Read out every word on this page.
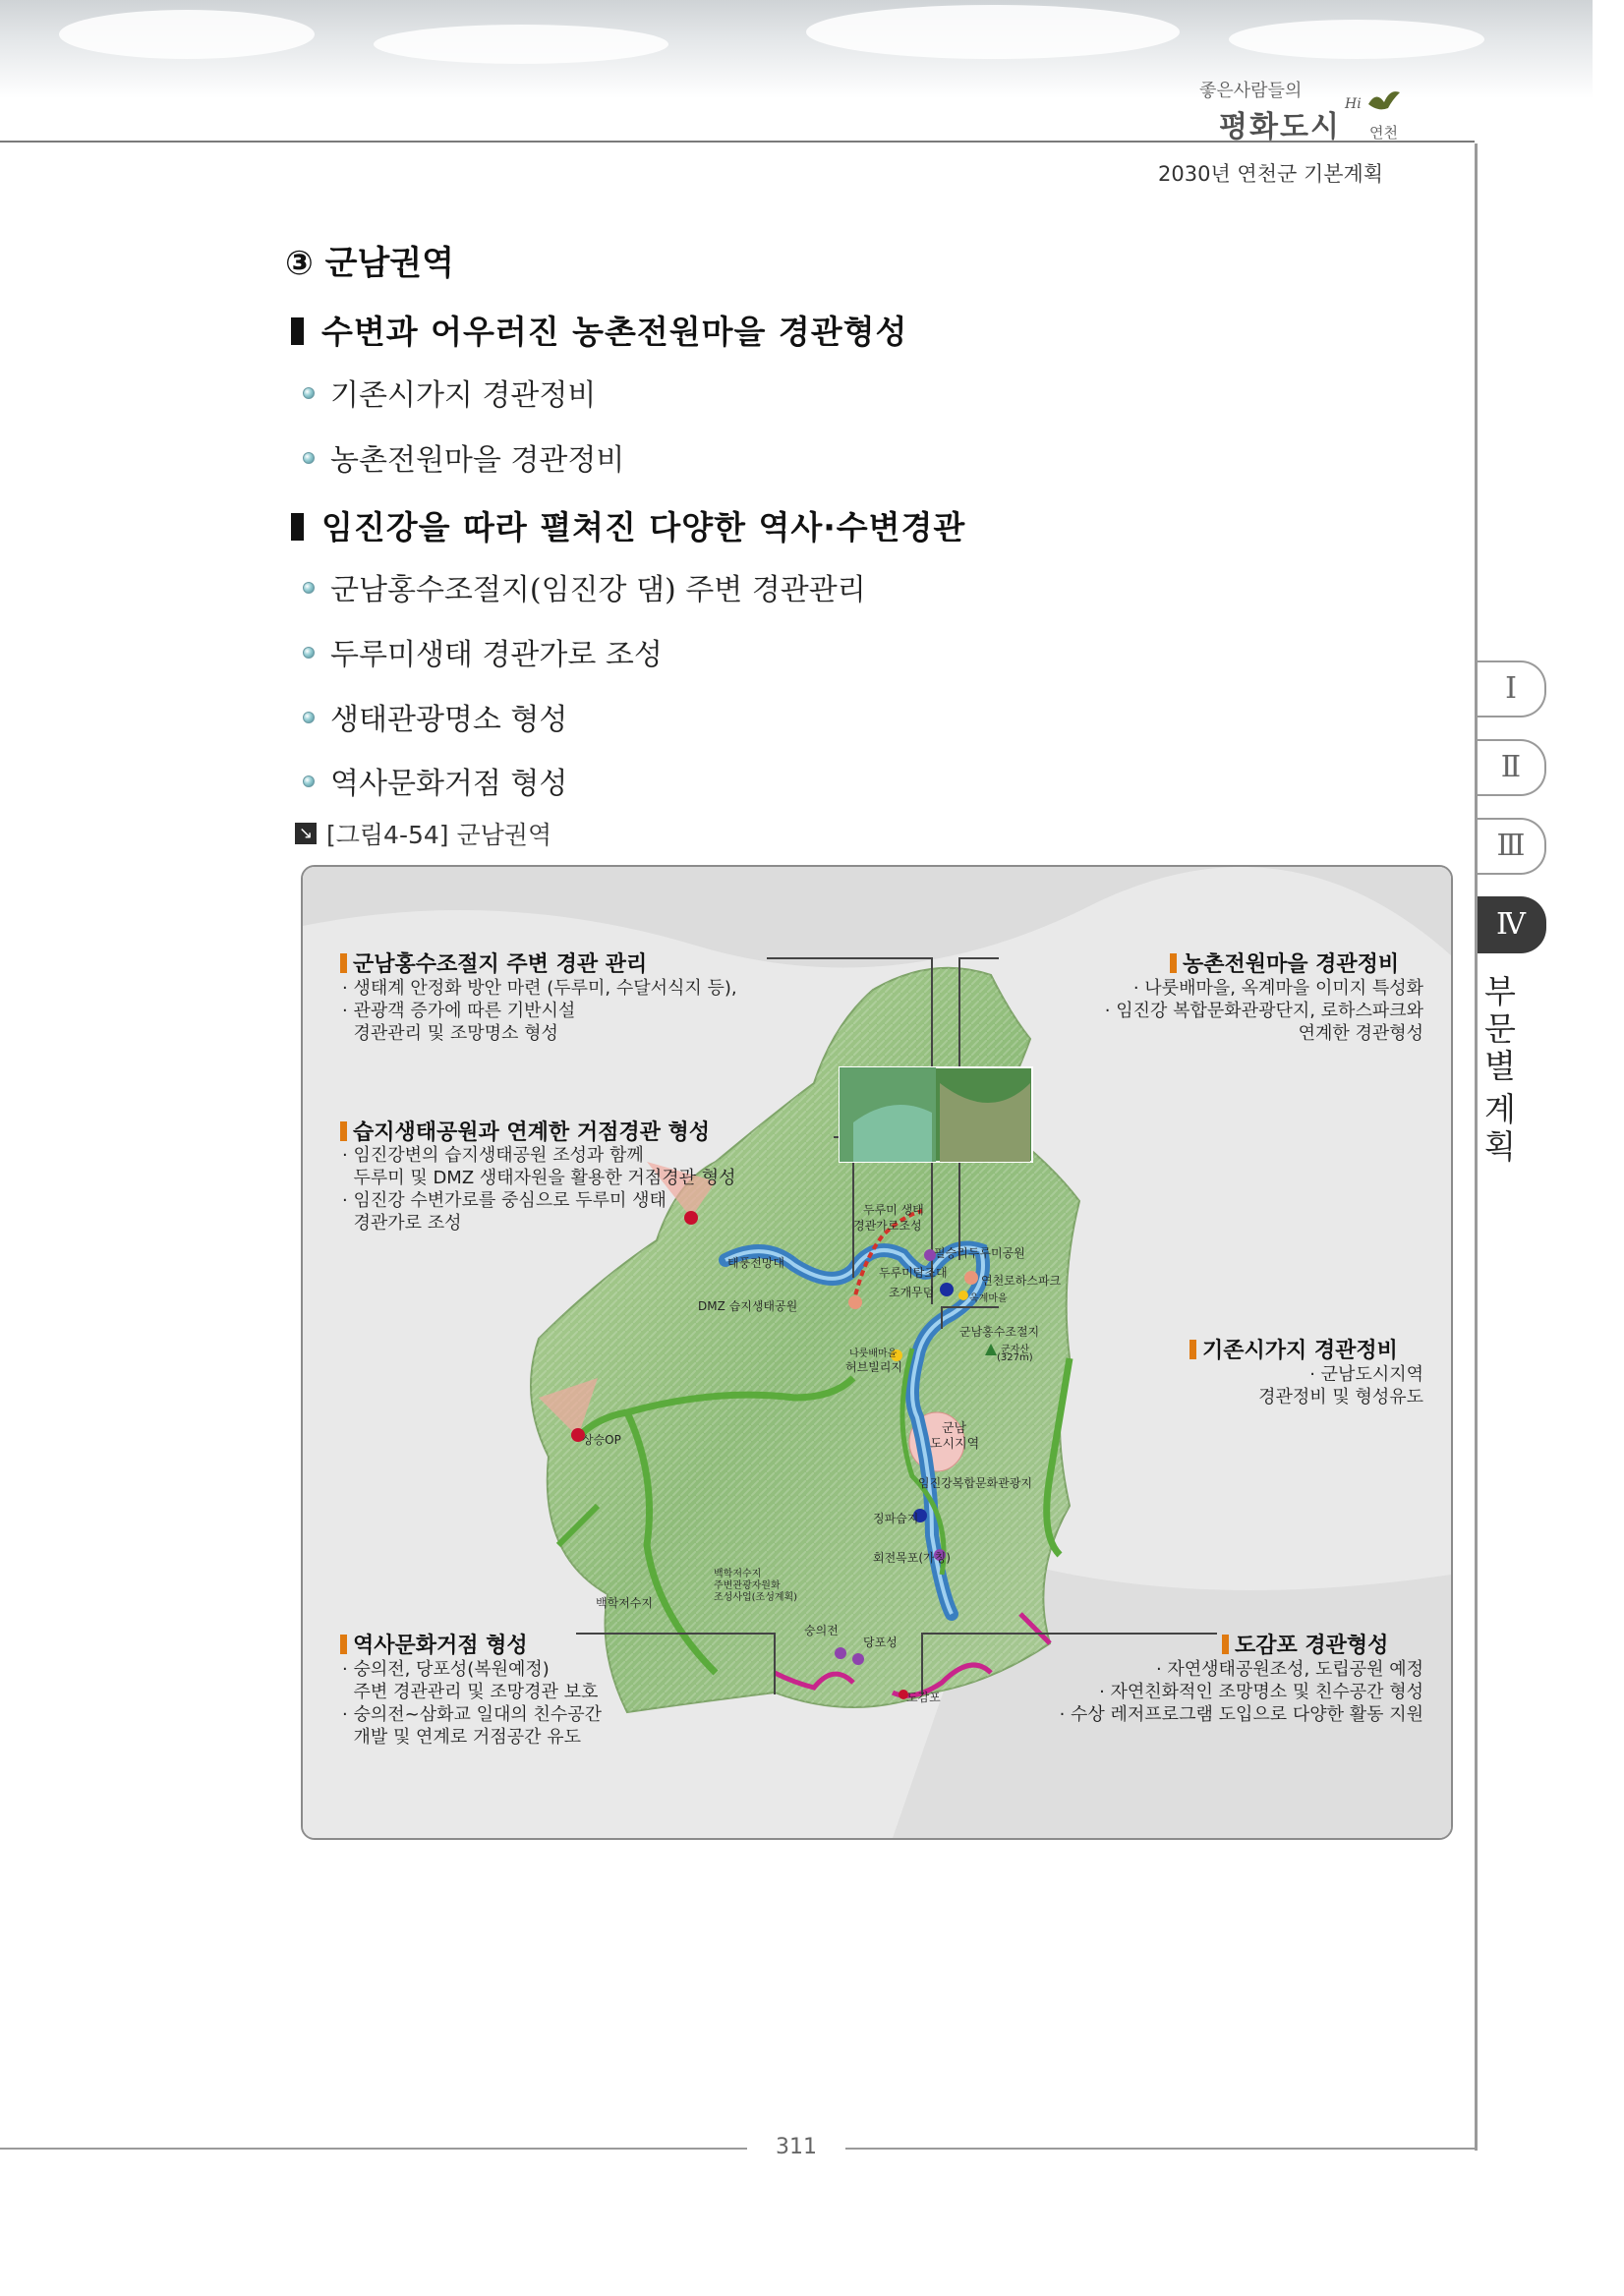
좋은사람들의
평화도시
Hi
연천
2030년 연천군 기본계획
③ 군남권역
수변과 어우러진 농촌전원마을 경관형성
기존시가지 경관정비
농촌전원마을 경관정비
임진강을 따라 펼쳐진 다양한 역사·수변경관
군남홍수조절지(임진강 댐) 주변 경관관리
두루미생태 경관가로 조성
생태관광명소 형성
역사문화거점 형성
↘ [그림4-54] 군남권역
군남홍수조절지 주변 경관 관리
· 생태계 안정화 방안 마련 (두루미, 수달서식지 등),
· 관광객 증가에 따른 기반시설
경관관리 및 조망명소 형성
습지생태공원과 연계한 거점경관 형성
· 임진강변의 습지생태공원 조성과 함께
두루미 및 DMZ 생태자원을 활용한 거점경관 형성
· 임진강 수변가로를 중심으로 두루미 생태
경관가로 조성
농촌전원마을 경관정비
· 나룻배마을, 옥계마을 이미지 특성화
· 임진강 복합문화관광단지, 로하스파크와
연계한 경관형성
기존시가지 경관정비
· 군남도시지역
경관정비 및 형성유도
역사문화거점 형성
· 숭의전, 당포성(복원예정)
주변 경관관리 및 조망경관 보호
· 숭의전~삼화교 일대의 친수공간
개발 및 연계로 거점공간 유도
도감포 경관형성
· 자연생태공원조성, 도립공원 예정
· 자연친화적인 조망명소 및 친수공간 형성
· 수상 레저프로그램 도입으로 다양한 활동 지원
두루미 생태
경관가로조성
필승리두루미공원
두루미탐조대
태풍전망대
조개무덤
연천로하스파크
옥계마을
DMZ 습지생태공원
군남홍수조절지
나룻배마을
허브빌리지
군자산
(327m)
군남
도시지역
상승OP
임진강복합문화관광지
징파습지
회전목포(가칭)
백학저수지
백학저수지
주변관광자원화
조성사업(조성계획)
숭의전
당포성
도감포
Ⅰ
Ⅱ
Ⅲ
Ⅳ
부
문
별
계
획
311
